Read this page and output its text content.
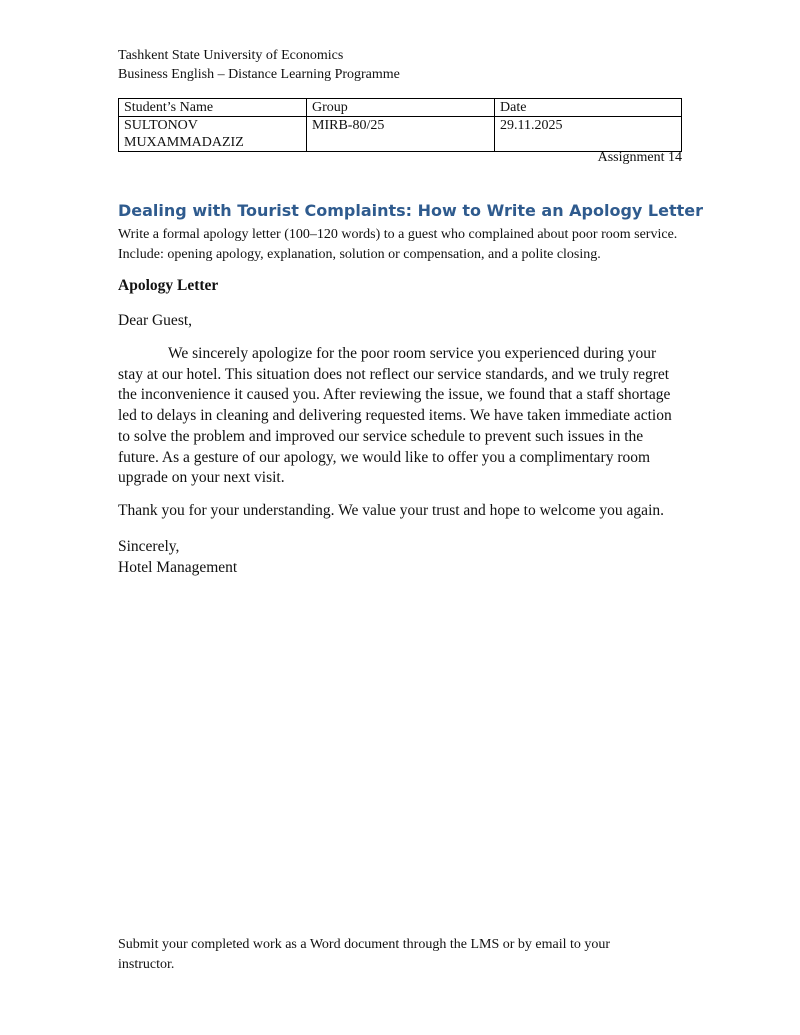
Tashkent State University of Economics
Business English – Distance Learning Programme
Student’s Name	Group	Date
SULTONOV MUXAMMADAZIZ	MIRB-80/25	29.11.2025
Assignment 14
Dealing with Tourist Complaints: How to Write an Apology Letter
Write a formal apology letter (100–120 words) to a guest who complained about poor room service. Include: opening apology, explanation, solution or compensation, and a polite closing.
Apology Letter
Dear Guest,
We sincerely apologize for the poor room service you experienced during your stay at our hotel. This situation does not reflect our service standards, and we truly regret the inconvenience it caused you. After reviewing the issue, we found that a staff shortage led to delays in cleaning and delivering requested items. We have taken immediate action to solve the problem and improved our service schedule to prevent such issues in the future. As a gesture of our apology, we would like to offer you a complimentary room upgrade on your next visit.
Thank you for your understanding. We value your trust and hope to welcome you again.
Sincerely,
Hotel Management
Submit your completed work as a Word document through the LMS or by email to your instructor.
